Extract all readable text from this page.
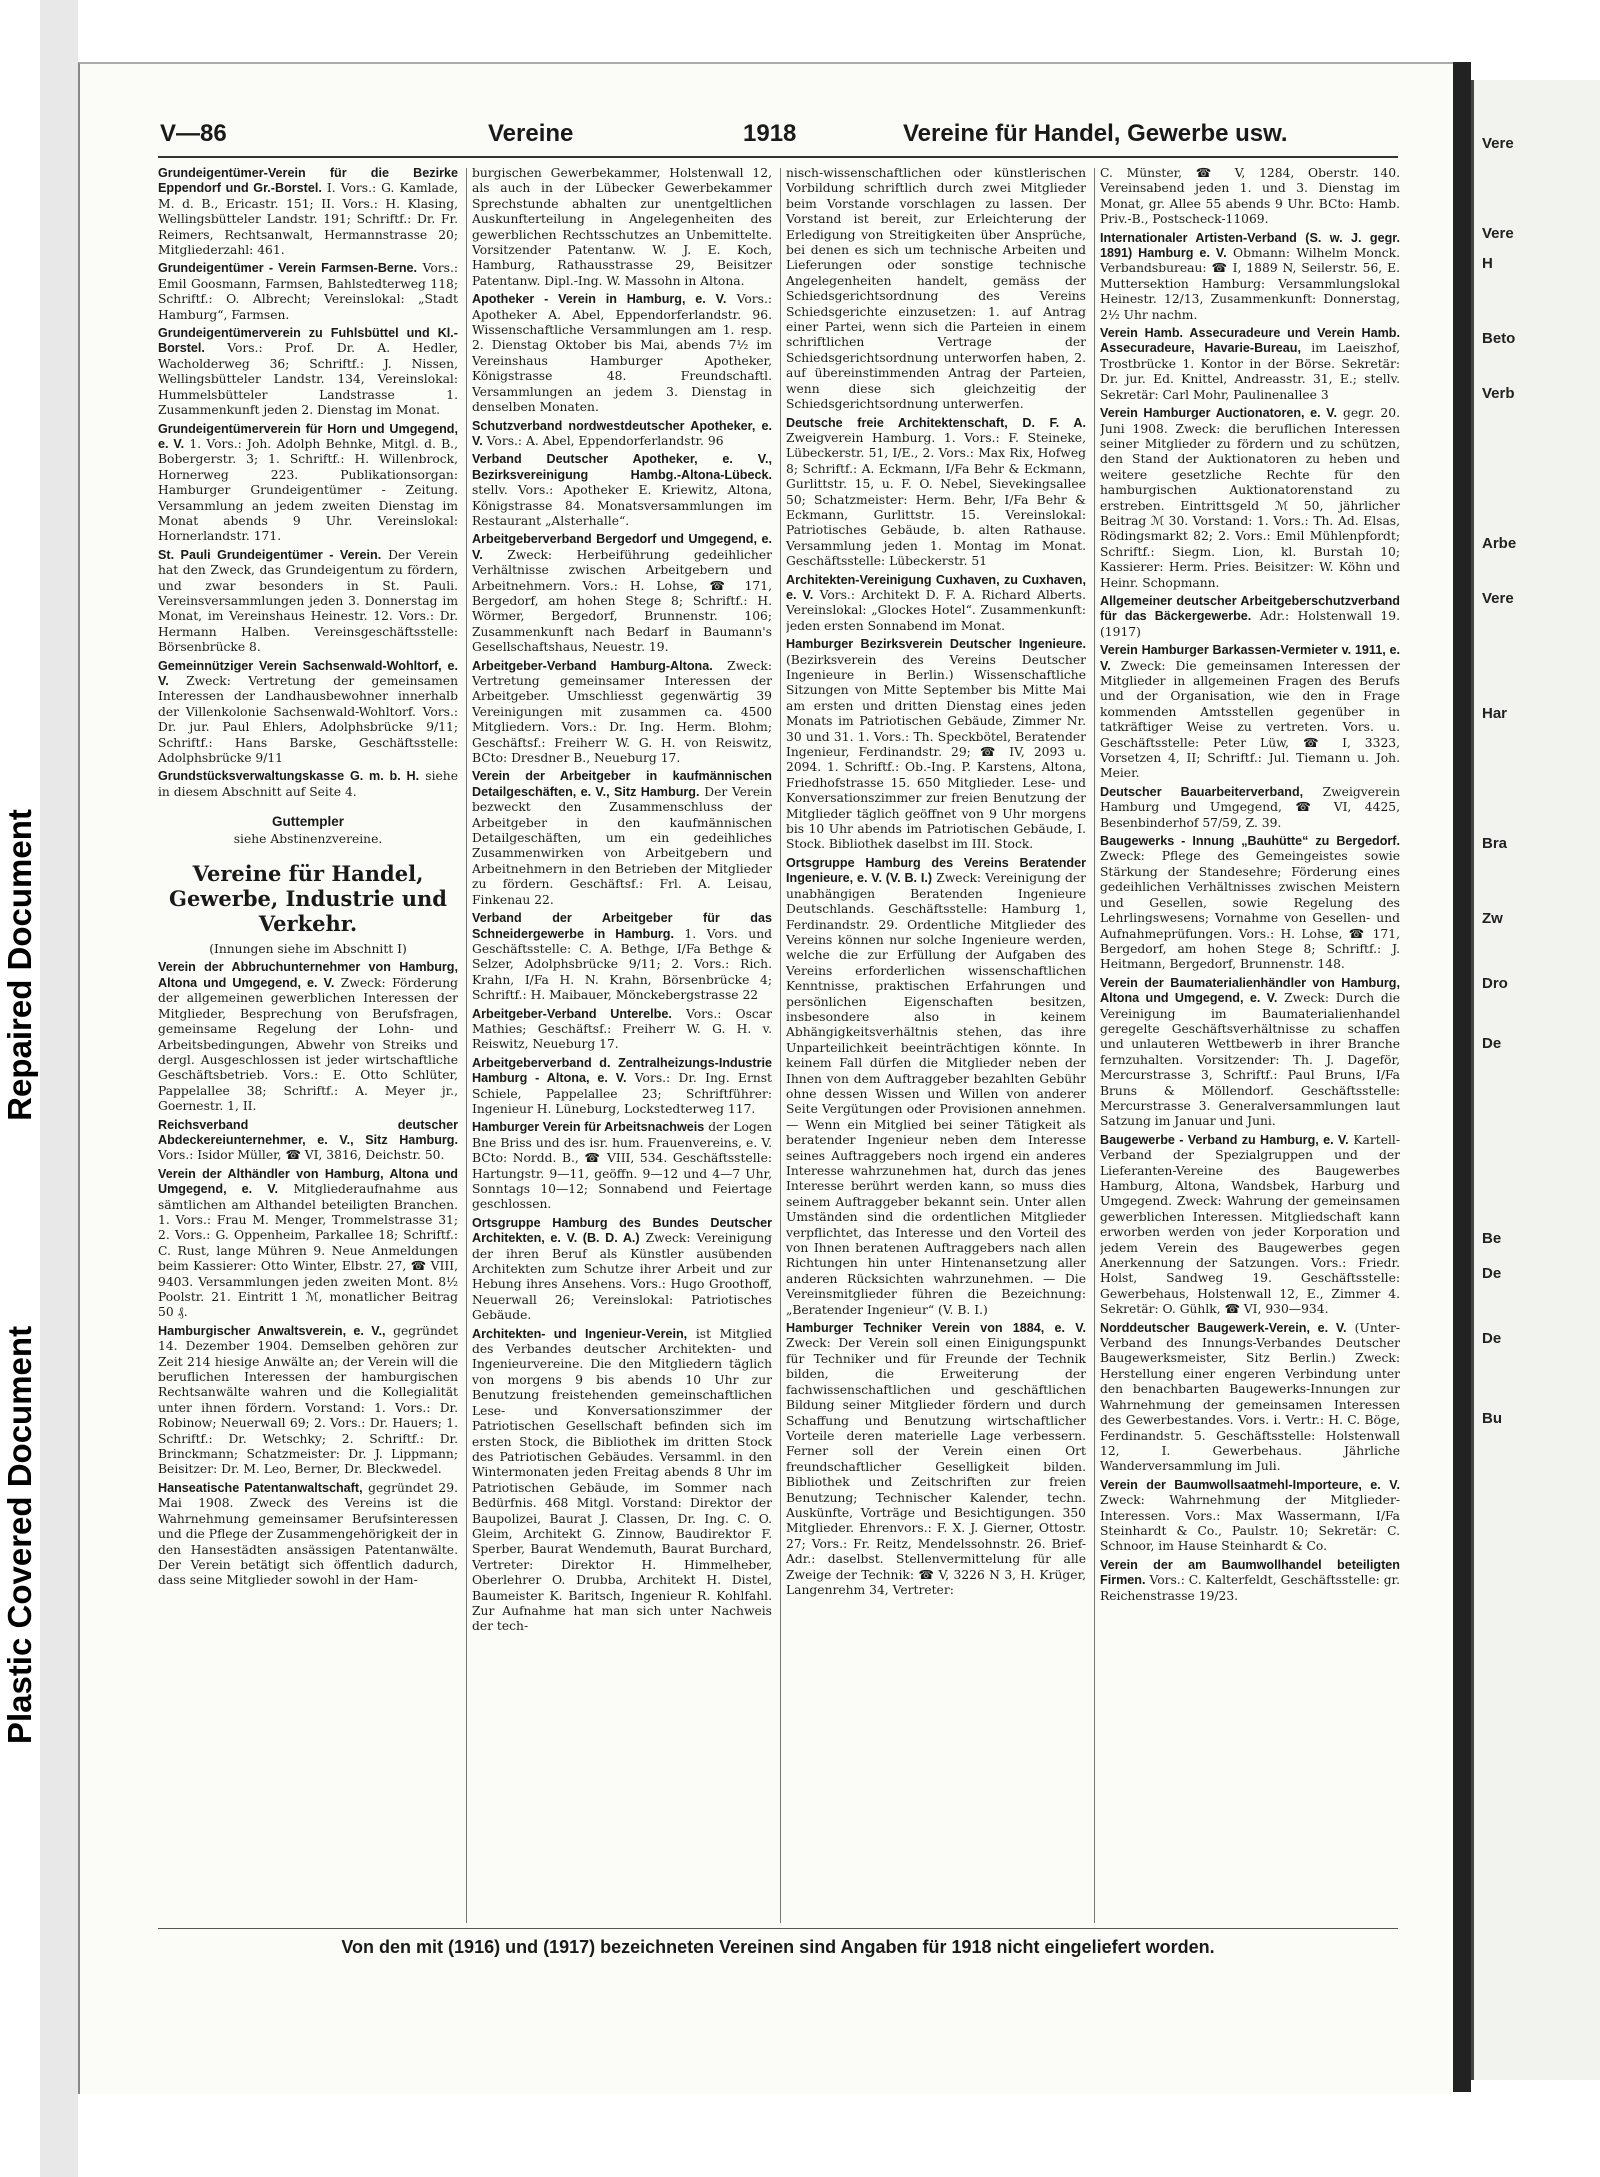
Repaired Document
Plastic Covered Document
Vere
Vere
H
Beto
Verb
Arbe
Vere
Har
Bra
Zw
Dro
De
Be
De
De
Bu
V—86	Vereine	1918	Vereine für Handel, Gewerbe usw.

Grundeigentümer-Verein für die Bezirke Eppendorf und Gr.-Borstel. I. Vors.: G. Kamlade, M. d. B., Ericastr. 151; II. Vors.: H. Klasing, Wellingsbütteler Landstr. 191; Schriftf.: Dr. Fr. Reimers, Rechtsanwalt, Hermannstrasse 20; Mitgliederzahl: 461.

Grundeigentümer - Verein Farmsen-Berne. Vors.: Emil Goosmann, Farmsen, Bahlstedterweg 118; Schriftf.: O. Albrecht; Vereinslokal: „Stadt Hamburg“, Farmsen.

Grundeigentümerverein zu Fuhlsbüttel und Kl.-Borstel. Vors.: Prof. Dr. A. Hedler, Wacholderweg 36; Schriftf.: J. Nissen, Wellingsbütteler Landstr. 134, Vereinslokal: Hummelsbütteler Landstrasse 1. Zusammenkunft jeden 2. Dienstag im Monat.

Grundeigentümerverein für Horn und Umgegend, e. V. 1. Vors.: Joh. Adolph Behnke, Mitgl. d. B., Bobergerstr. 3; 1. Schriftf.: H. Willenbrock, Hornerweg 223. Publikationsorgan: Hamburger Grundeigentümer - Zeitung. Versammlung an jedem zweiten Dienstag im Monat abends 9 Uhr. Vereinslokal: Hornerlandstr. 171.

St. Pauli Grundeigentümer - Verein. Der Verein hat den Zweck, das Grundeigentum zu fördern, und zwar besonders in St. Pauli. Vereinsversammlungen jeden 3. Donnerstag im Monat, im Vereinshaus Heinestr. 12. Vors.: Dr. Hermann Halben. Vereinsgeschäftsstelle: Börsenbrücke 8.

Gemeinnütziger Verein Sachsenwald-Wohltorf, e. V. Zweck: Vertretung der gemeinsamen Interessen der Landhausbewohner innerhalb der Villenkolonie Sachsenwald-Wohltorf. Vors.: Dr. jur. Paul Ehlers, Adolphsbrücke 9/11; Schriftf.: Hans Barske, Geschäftsstelle: Adolphsbrücke 9/11

Grundstücksverwaltungskasse G. m. b. H. siehe in diesem Abschnitt auf Seite 4.

Guttempler

siehe Abstinenzvereine.

Vereine für Handel, Gewerbe, Industrie und Verkehr.

(Innungen siehe im Abschnitt I)

Verein der Abbruchunternehmer von Hamburg, Altona und Umgegend, e. V. Zweck: Förderung der allgemeinen gewerblichen Interessen der Mitglieder, Besprechung von Berufsfragen, gemeinsame Regelung der Lohn- und Arbeitsbedingungen, Abwehr von Streiks und dergl. Ausgeschlossen ist jeder wirtschaftliche Geschäftsbetrieb. Vors.: E. Otto Schlüter, Pappelallee 38; Schriftf.: A. Meyer jr., Goernestr. 1, II.

Reichsverband deutscher Abdeckereiunternehmer, e. V., Sitz Hamburg. Vors.: Isidor Müller, ☎ VI, 3816, Deichstr. 50.

Verein der Althändler von Hamburg, Altona und Umgegend, e. V. Mitgliederaufnahme aus sämtlichen am Althandel beteiligten Branchen. 1. Vors.: Frau M. Menger, Trommelstrasse 31; 2. Vors.: G. Oppenheim, Parkallee 18; Schriftf.: C. Rust, lange Mühren 9. Neue Anmeldungen beim Kassierer: Otto Winter, Elbstr. 27, ☎ VIII, 9403. Versammlungen jeden zweiten Mont. 8½ Poolstr. 21. Eintritt 1 ℳ, monatlicher Beitrag 50 ₰.

Hamburgischer Anwaltsverein, e. V., gegründet 14. Dezember 1904. Demselben gehören zur Zeit 214 hiesige Anwälte an; der Verein will die beruflichen Interessen der hamburgischen Rechtsanwälte wahren und die Kollegialität unter ihnen fördern. Vorstand: 1. Vors.: Dr. Robinow; Neuerwall 69; 2. Vors.: Dr. Hauers; 1. Schriftf.: Dr. Wetschky; 2. Schriftf.: Dr. Brinckmann; Schatzmeister: Dr. J. Lippmann; Beisitzer: Dr. M. Leo, Berner, Dr. Bleckwedel.

Hanseatische Patentanwaltschaft, gegründet 29. Mai 1908. Zweck des Vereins ist die Wahrnehmung gemeinsamer Berufsinteressen und die Pflege der Zusammengehörigkeit der in den Hansestädten ansässigen Patentanwälte. Der Verein betätigt sich öffentlich dadurch, dass seine Mitglieder sowohl in der Ham-

burgischen Gewerbekammer, Holstenwall 12, als auch in der Lübecker Gewerbekammer Sprechstunde abhalten zur unentgeltlichen Auskunfterteilung in Angelegenheiten des gewerblichen Rechtsschutzes an Unbemittelte. Vorsitzender Patentanw. W. J. E. Koch, Hamburg, Rathausstrasse 29, Beisitzer Patentanw. Dipl.-Ing. W. Massohn in Altona.

Apotheker - Verein in Hamburg, e. V. Vors.: Apotheker A. Abel, Eppendorferlandstr. 96. Wissenschaftliche Versammlungen am 1. resp. 2. Dienstag Oktober bis Mai, abends 7½ im Vereinshaus Hamburger Apotheker, Königstrasse 48. Freundschaftl. Versammlungen an jedem 3. Dienstag in denselben Monaten.

Schutzverband nordwestdeutscher Apotheker, e. V. Vors.: A. Abel, Eppendorferlandstr. 96

Verband Deutscher Apotheker, e. V., Bezirksvereinigung Hambg.-Altona-Lübeck. stellv. Vors.: Apotheker E. Kriewitz, Altona, Königstrasse 84. Monatsversammlungen im Restaurant „Alsterhalle“.

Arbeitgeberverband Bergedorf und Umgegend, e. V. Zweck: Herbeiführung gedeihlicher Verhältnisse zwischen Arbeitgebern und Arbeitnehmern. Vors.: H. Lohse, ☎ 171, Bergedorf, am hohen Stege 8; Schriftf.: H. Wörmer, Bergedorf, Brunnenstr. 106; Zusammenkunft nach Bedarf in Baumann's Gesellschaftshaus, Neuestr. 19.

Arbeitgeber-Verband Hamburg-Altona. Zweck: Vertretung gemeinsamer Interessen der Arbeitgeber. Umschliesst gegenwärtig 39 Vereinigungen mit zusammen ca. 4500 Mitgliedern. Vors.: Dr. Ing. Herm. Blohm; Geschäftsf.: Freiherr W. G. H. von Reiswitz, BCto: Dresdner B., Neueburg 17.

Verein der Arbeitgeber in kaufmännischen Detailgeschäften, e. V., Sitz Hamburg. Der Verein bezweckt den Zusammenschluss der Arbeitgeber in den kaufmännischen Detailgeschäften, um ein gedeihliches Zusammenwirken von Arbeitgebern und Arbeitnehmern in den Betrieben der Mitglieder zu fördern. Geschäftsf.: Frl. A. Leisau, Finkenau 22.

Verband der Arbeitgeber für das Schneidergewerbe in Hamburg. 1. Vors. und Geschäftsstelle: C. A. Bethge, I/Fa Bethge & Selzer, Adolphsbrücke 9/11; 2. Vors.: Rich. Krahn, I/Fa H. N. Krahn, Börsenbrücke 4; Schriftf.: H. Maibauer, Mönckebergstrasse 22

Arbeitgeber-Verband Unterelbe. Vors.: Oscar Mathies; Geschäftsf.: Freiherr W. G. H. v. Reiswitz, Neueburg 17.

Arbeitgeberverband d. Zentralheizungs-Industrie Hamburg - Altona, e. V. Vors.: Dr. Ing. Ernst Schiele, Pappelallee 23; Schriftführer: Ingenieur H. Lüneburg, Lockstedterweg 117.

Hamburger Verein für Arbeitsnachweis der Logen Bne Briss und des isr. hum. Frauenvereins, e. V. BCto: Nordd. B., ☎ VIII, 534. Geschäftsstelle: Hartungstr. 9—11, geöffn. 9—12 und 4—7 Uhr, Sonntags 10—12; Sonnabend und Feiertage geschlossen.

Ortsgruppe Hamburg des Bundes Deutscher Architekten, e. V. (B. D. A.) Zweck: Vereinigung der ihren Beruf als Künstler ausübenden Architekten zum Schutze ihrer Arbeit und zur Hebung ihres Ansehens. Vors.: Hugo Groothoff, Neuerwall 26; Vereinslokal: Patriotisches Gebäude.

Architekten- und Ingenieur-Verein, ist Mitglied des Verbandes deutscher Architekten- und Ingenieurvereine. Die den Mitgliedern täglich von morgens 9 bis abends 10 Uhr zur Benutzung freistehenden gemeinschaftlichen Lese- und Konversationszimmer der Patriotischen Gesellschaft befinden sich im ersten Stock, die Bibliothek im dritten Stock des Patriotischen Gebäudes. Versamml. in den Wintermonaten jeden Freitag abends 8 Uhr im Patriotischen Gebäude, im Sommer nach Bedürfnis. 468 Mitgl. Vorstand: Direktor der Baupolizei, Baurat J. Classen, Dr. Ing. C. O. Gleim, Architekt G. Zinnow, Baudirektor F. Sperber, Baurat Wendemuth, Baurat Burchard, Vertreter: Direktor H. Himmelheber, Oberlehrer O. Drubba, Architekt H. Distel, Baumeister K. Baritsch, Ingenieur R. Kohlfahl. Zur Aufnahme hat man sich unter Nachweis der tech-

nisch-wissenschaftlichen oder künstlerischen Vorbildung schriftlich durch zwei Mitglieder beim Vorstande vorschlagen zu lassen. Der Vorstand ist bereit, zur Erleichterung der Erledigung von Streitigkeiten über Ansprüche, bei denen es sich um technische Arbeiten und Lieferungen oder sonstige technische Angelegenheiten handelt, gemäss der Schiedsgerichtsordnung des Vereins Schiedsgerichte einzusetzen: 1. auf Antrag einer Partei, wenn sich die Parteien in einem schriftlichen Vertrage der Schiedsgerichtsordnung unterworfen haben, 2. auf übereinstimmenden Antrag der Parteien, wenn diese sich gleichzeitig der Schiedsgerichtsordnung unterwerfen.

Deutsche freie Architektenschaft, D. F. A. Zweigverein Hamburg. 1. Vors.: F. Steineke, Lübeckerstr. 51, I/E., 2. Vors.: Max Rix, Hofweg 8; Schriftf.: A. Eckmann, I/Fa Behr & Eckmann, Gurlittstr. 15, u. F. O. Nebel, Sievekingsallee 50; Schatzmeister: Herm. Behr, I/Fa Behr & Eckmann, Gurlittstr. 15. Vereinslokal: Patriotisches Gebäude, b. alten Rathause. Versammlung jeden 1. Montag im Monat. Geschäftsstelle: Lübeckerstr. 51

Architekten-Vereinigung Cuxhaven, zu Cuxhaven, e. V. Vors.: Architekt D. F. A. Richard Alberts. Vereinslokal: „Glockes Hotel“. Zusammenkunft: jeden ersten Sonnabend im Monat.

Hamburger Bezirksverein Deutscher Ingenieure. (Bezirksverein des Vereins Deutscher Ingenieure in Berlin.) Wissenschaftliche Sitzungen von Mitte September bis Mitte Mai am ersten und dritten Dienstag eines jeden Monats im Patriotischen Gebäude, Zimmer Nr. 30 und 31. 1. Vors.: Th. Speckbötel, Beratender Ingenieur, Ferdinandstr. 29; ☎ IV, 2093 u. 2094. 1. Schriftf.: Ob.-Ing. P. Karstens, Altona, Friedhofstrasse 15. 650 Mitglieder. Lese- und Konversationszimmer zur freien Benutzung der Mitglieder täglich geöffnet von 9 Uhr morgens bis 10 Uhr abends im Patriotischen Gebäude, I. Stock. Bibliothek daselbst im III. Stock.

Ortsgruppe Hamburg des Vereins Beratender Ingenieure, e. V. (V. B. I.) Zweck: Vereinigung der unabhängigen Beratenden Ingenieure Deutschlands. Geschäftsstelle: Hamburg 1, Ferdinandstr. 29. Ordentliche Mitglieder des Vereins können nur solche Ingenieure werden, welche die zur Erfüllung der Aufgaben des Vereins erforderlichen wissenschaftlichen Kenntnisse, praktischen Erfahrungen und persönlichen Eigenschaften besitzen, insbesondere also in keinem Abhängigkeitsverhältnis stehen, das ihre Unparteilichkeit beeinträchtigen könnte. In keinem Fall dürfen die Mitglieder neben der Ihnen von dem Auftraggeber bezahlten Gebühr ohne dessen Wissen und Willen von anderer Seite Vergütungen oder Provisionen annehmen. — Wenn ein Mitglied bei seiner Tätigkeit als beratender Ingenieur neben dem Interesse seines Auftraggebers noch irgend ein anderes Interesse wahrzunehmen hat, durch das jenes Interesse berührt werden kann, so muss dies seinem Auftraggeber bekannt sein. Unter allen Umständen sind die ordentlichen Mitglieder verpflichtet, das Interesse und den Vorteil des von Ihnen beratenen Auftraggebers nach allen Richtungen hin unter Hintenansetzung aller anderen Rücksichten wahrzunehmen. — Die Vereinsmitglieder führen die Bezeichnung: „Beratender Ingenieur“ (V. B. I.)

Hamburger Techniker Verein von 1884, e. V. Zweck: Der Verein soll einen Einigungspunkt für Techniker und für Freunde der Technik bilden, die Erweiterung der fachwissenschaftlichen und geschäftlichen Bildung seiner Mitglieder fördern und durch Schaffung und Benutzung wirtschaftlicher Vorteile deren materielle Lage verbessern. Ferner soll der Verein einen Ort freundschaftlicher Geselligkeit bilden. Bibliothek und Zeitschriften zur freien Benutzung; Technischer Kalender, techn. Auskünfte, Vorträge und Besichtigungen. 350 Mitglieder. Ehrenvors.: F. X. J. Gierner, Ottostr. 27; Vors.: Fr. Reitz, Mendelssohnstr. 26. Brief-Adr.: daselbst. Stellenvermittelung für alle Zweige der Technik: ☎ V, 3226 N 3, H. Krüger, Langenrehm 34, Vertreter:

C. Münster, ☎ V, 1284, Oberstr. 140. Vereinsabend jeden 1. und 3. Dienstag im Monat, gr. Allee 55 abends 9 Uhr. BCto: Hamb. Priv.-B., Postscheck-11069.

Internationaler Artisten-Verband (S. w. J. gegr. 1891) Hamburg e. V. Obmann: Wilhelm Monck. Verbandsbureau: ☎ I, 1889 N, Seilerstr. 56, E. Muttersektion Hamburg: Versammlungslokal Heinestr. 12/13, Zusammenkunft: Donnerstag, 2½ Uhr nachm.

Verein Hamb. Assecuradeure und Verein Hamb. Assecuradeure, Havarie-Bureau, im Laeiszhof, Trostbrücke 1. Kontor in der Börse. Sekretär: Dr. jur. Ed. Knittel, Andreasstr. 31, E.; stellv. Sekretär: Carl Mohr, Paulinenallee 3

Verein Hamburger Auctionatoren, e. V. gegr. 20. Juni 1908. Zweck: die beruflichen Interessen seiner Mitglieder zu fördern und zu schützen, den Stand der Auktionatoren zu heben und weitere gesetzliche Rechte für den hamburgischen Auktionatorenstand zu erstreben. Eintrittsgeld ℳ 50, jährlicher Beitrag ℳ 30. Vorstand: 1. Vors.: Th. Ad. Elsas, Rödingsmarkt 82; 2. Vors.: Emil Mühlenpfordt; Schriftf.: Siegm. Lion, kl. Burstah 10; Kassierer: Herm. Pries. Beisitzer: W. Köhn und Heinr. Schopmann.

Allgemeiner deutscher Arbeitgeberschutzverband für das Bäckergewerbe. Adr.: Holstenwall 19. (1917)

Verein Hamburger Barkassen-Vermieter v. 1911, e. V. Zweck: Die gemeinsamen Interessen der Mitglieder in allgemeinen Fragen des Berufs und der Organisation, wie den in Frage kommenden Amtsstellen gegenüber in tatkräftiger Weise zu vertreten. Vors. u. Geschäftsstelle: Peter Lüw, ☎ I, 3323, Vorsetzen 4, II; Schriftf.: Jul. Tiemann u. Joh. Meier.

Deutscher Bauarbeiterverband, Zweigverein Hamburg und Umgegend, ☎ VI, 4425, Besenbinderhof 57/59, Z. 39.

Baugewerks - Innung „Bauhütte“ zu Bergedorf. Zweck: Pflege des Gemeingeistes sowie Stärkung der Standesehre; Förderung eines gedeihlichen Verhältnisses zwischen Meistern und Gesellen, sowie Regelung des Lehrlingswesens; Vornahme von Gesellen- und Aufnahmeprüfungen. Vors.: H. Lohse, ☎ 171, Bergedorf, am hohen Stege 8; Schriftf.: J. Heitmann, Bergedorf, Brunnenstr. 148.

Verein der Baumaterialienhändler von Hamburg, Altona und Umgegend, e. V. Zweck: Durch die Vereinigung im Baumaterialienhandel geregelte Geschäftsverhältnisse zu schaffen und unlauteren Wettbewerb in ihrer Branche fernzuhalten. Vorsitzender: Th. J. Dageför, Mercurstrasse 3, Schriftf.: Paul Bruns, I/Fa Bruns & Möllendorf. Geschäftsstelle: Mercurstrasse 3. Generalversammlungen laut Satzung im Januar und Juni.

Baugewerbe - Verband zu Hamburg, e. V. Kartell-Verband der Spezialgruppen und der Lieferanten-Vereine des Baugewerbes Hamburg, Altona, Wandsbek, Harburg und Umgegend. Zweck: Wahrung der gemeinsamen gewerblichen Interessen. Mitgliedschaft kann erworben werden von jeder Korporation und jedem Verein des Baugewerbes gegen Anerkennung der Satzungen. Vors.: Friedr. Holst, Sandweg 19. Geschäftsstelle: Gewerbehaus, Holstenwall 12, E., Zimmer 4. Sekretär: O. Gühlk, ☎ VI, 930—934.

Norddeutscher Baugewerk-Verein, e. V. (Unter-Verband des Innungs-Verbandes Deutscher Baugewerksmeister, Sitz Berlin.) Zweck: Herstellung einer engeren Verbindung unter den benachbarten Baugewerks-Innungen zur Wahrnehmung der gemeinsamen Interessen des Gewerbestandes. Vors. i. Vertr.: H. C. Böge, Ferdinandstr. 5. Geschäftsstelle: Holstenwall 12, I. Gewerbehaus. Jährliche Wanderversammlung im Juli.

Verein der Baumwollsaatmehl-Importeure, e. V. Zweck: Wahrnehmung der Mitglieder-Interessen. Vors.: Max Wassermann, I/Fa Steinhardt & Co., Paulstr. 10; Sekretär: C. Schnoor, im Hause Steinhardt & Co.

Verein der am Baumwollhandel beteiligten Firmen. Vors.: C. Kalterfeldt, Geschäftsstelle: gr. Reichenstrasse 19/23.

Von den mit (1916) und (1917) bezeichneten Vereinen sind Angaben für 1918 nicht eingeliefert worden.
